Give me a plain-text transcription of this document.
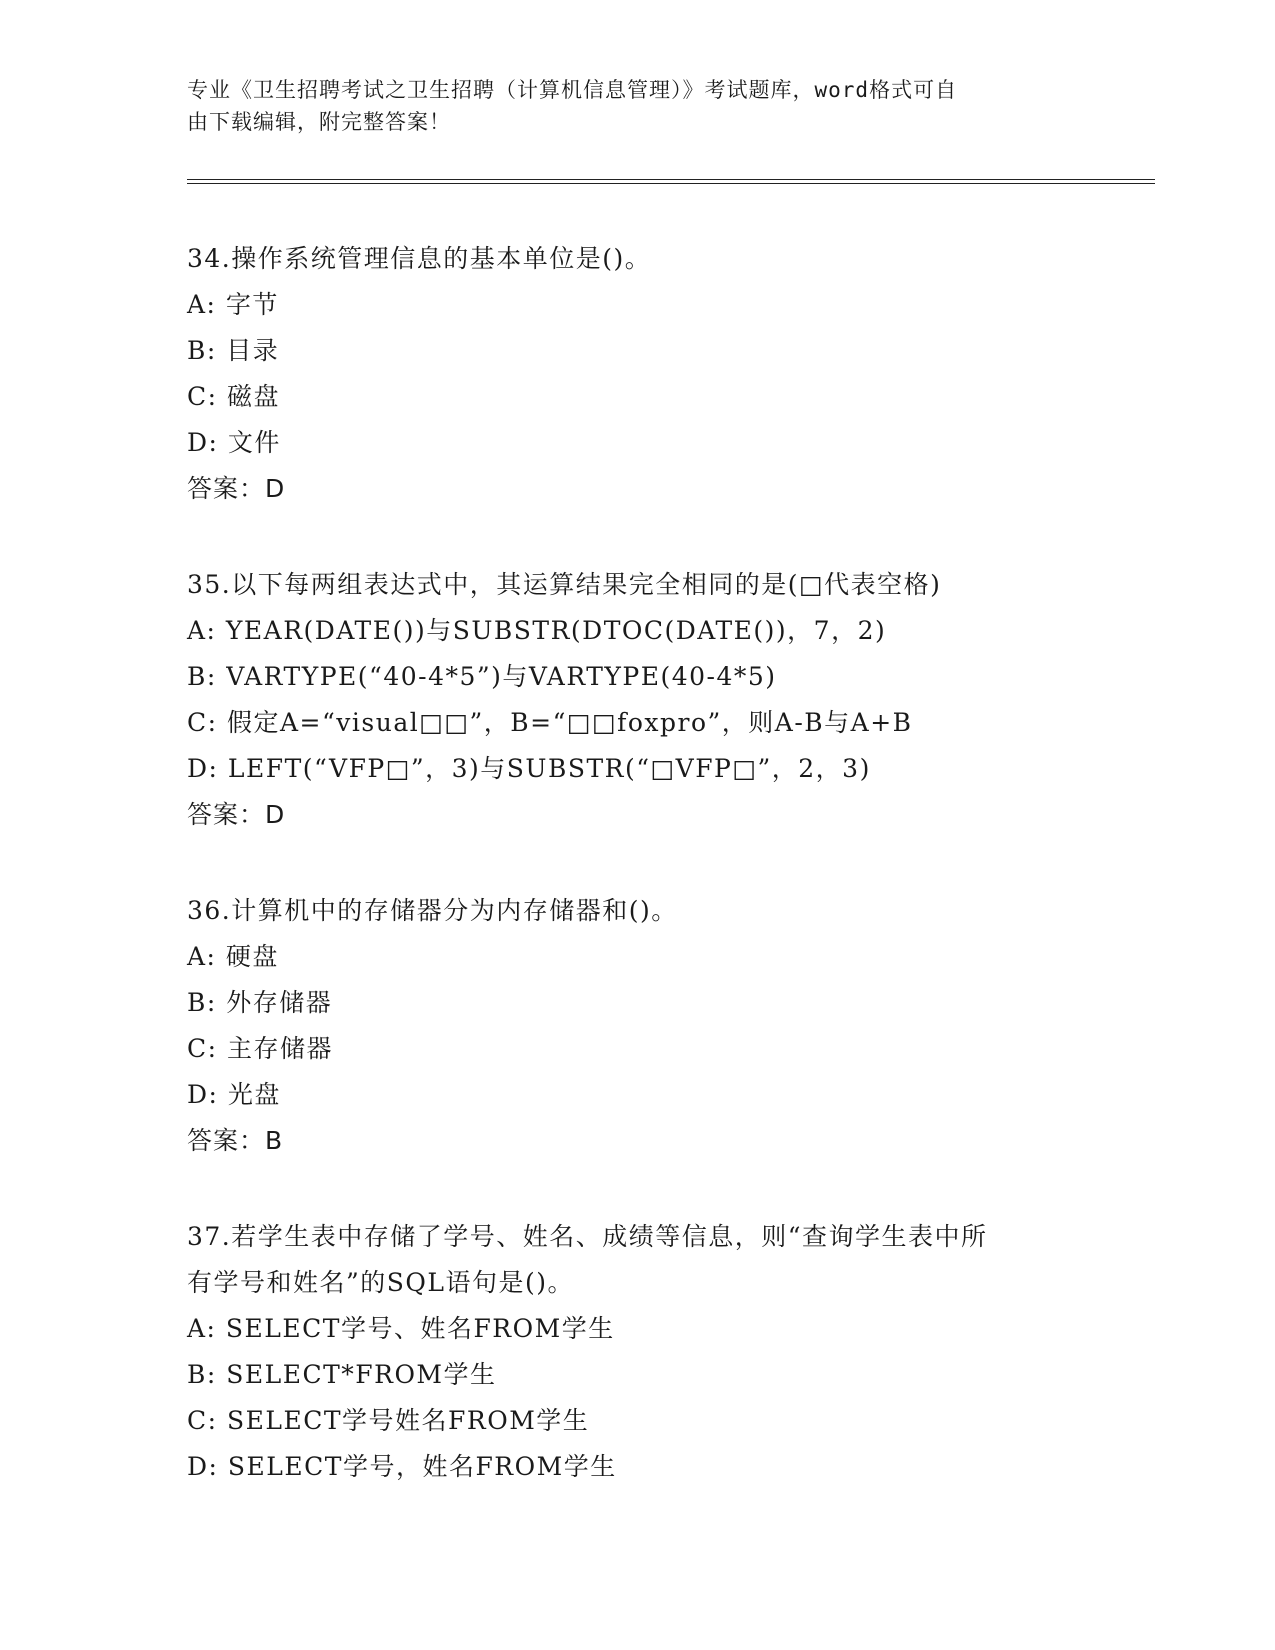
专业《卫生招聘考试之卫生招聘（计算机信息管理）》考试题库，word格式可自
由下载编辑，附完整答案！
34.操作系统管理信息的基本单位是()。
A: 字节
B: 目录
C: 磁盘
D: 文件
答案：D
35.以下每两组表达式中，其运算结果完全相同的是(□代表空格)
A: YEAR(DATE())与SUBSTR(DTOC(DATE())，7，2)
B: VARTYPE(“40-4*5”)与VARTYPE(40-4*5)
C: 假定A=“visual□□”，B=“□□foxpro”，则A-B与A+B
D: LEFT(“VFP□”，3)与SUBSTR(“□VFP□”，2，3)
答案：D
36.计算机中的存储器分为内存储器和()。
A: 硬盘
B: 外存储器
C: 主存储器
D: 光盘
答案：B
37.若学生表中存储了学号、姓名、成绩等信息，则“查询学生表中所
有学号和姓名”的SQL语句是()。
A: SELECT学号、姓名FROM学生
B: SELECT*FROM学生
C: SELECT学号姓名FROM学生
D: SELECT学号，姓名FROM学生
